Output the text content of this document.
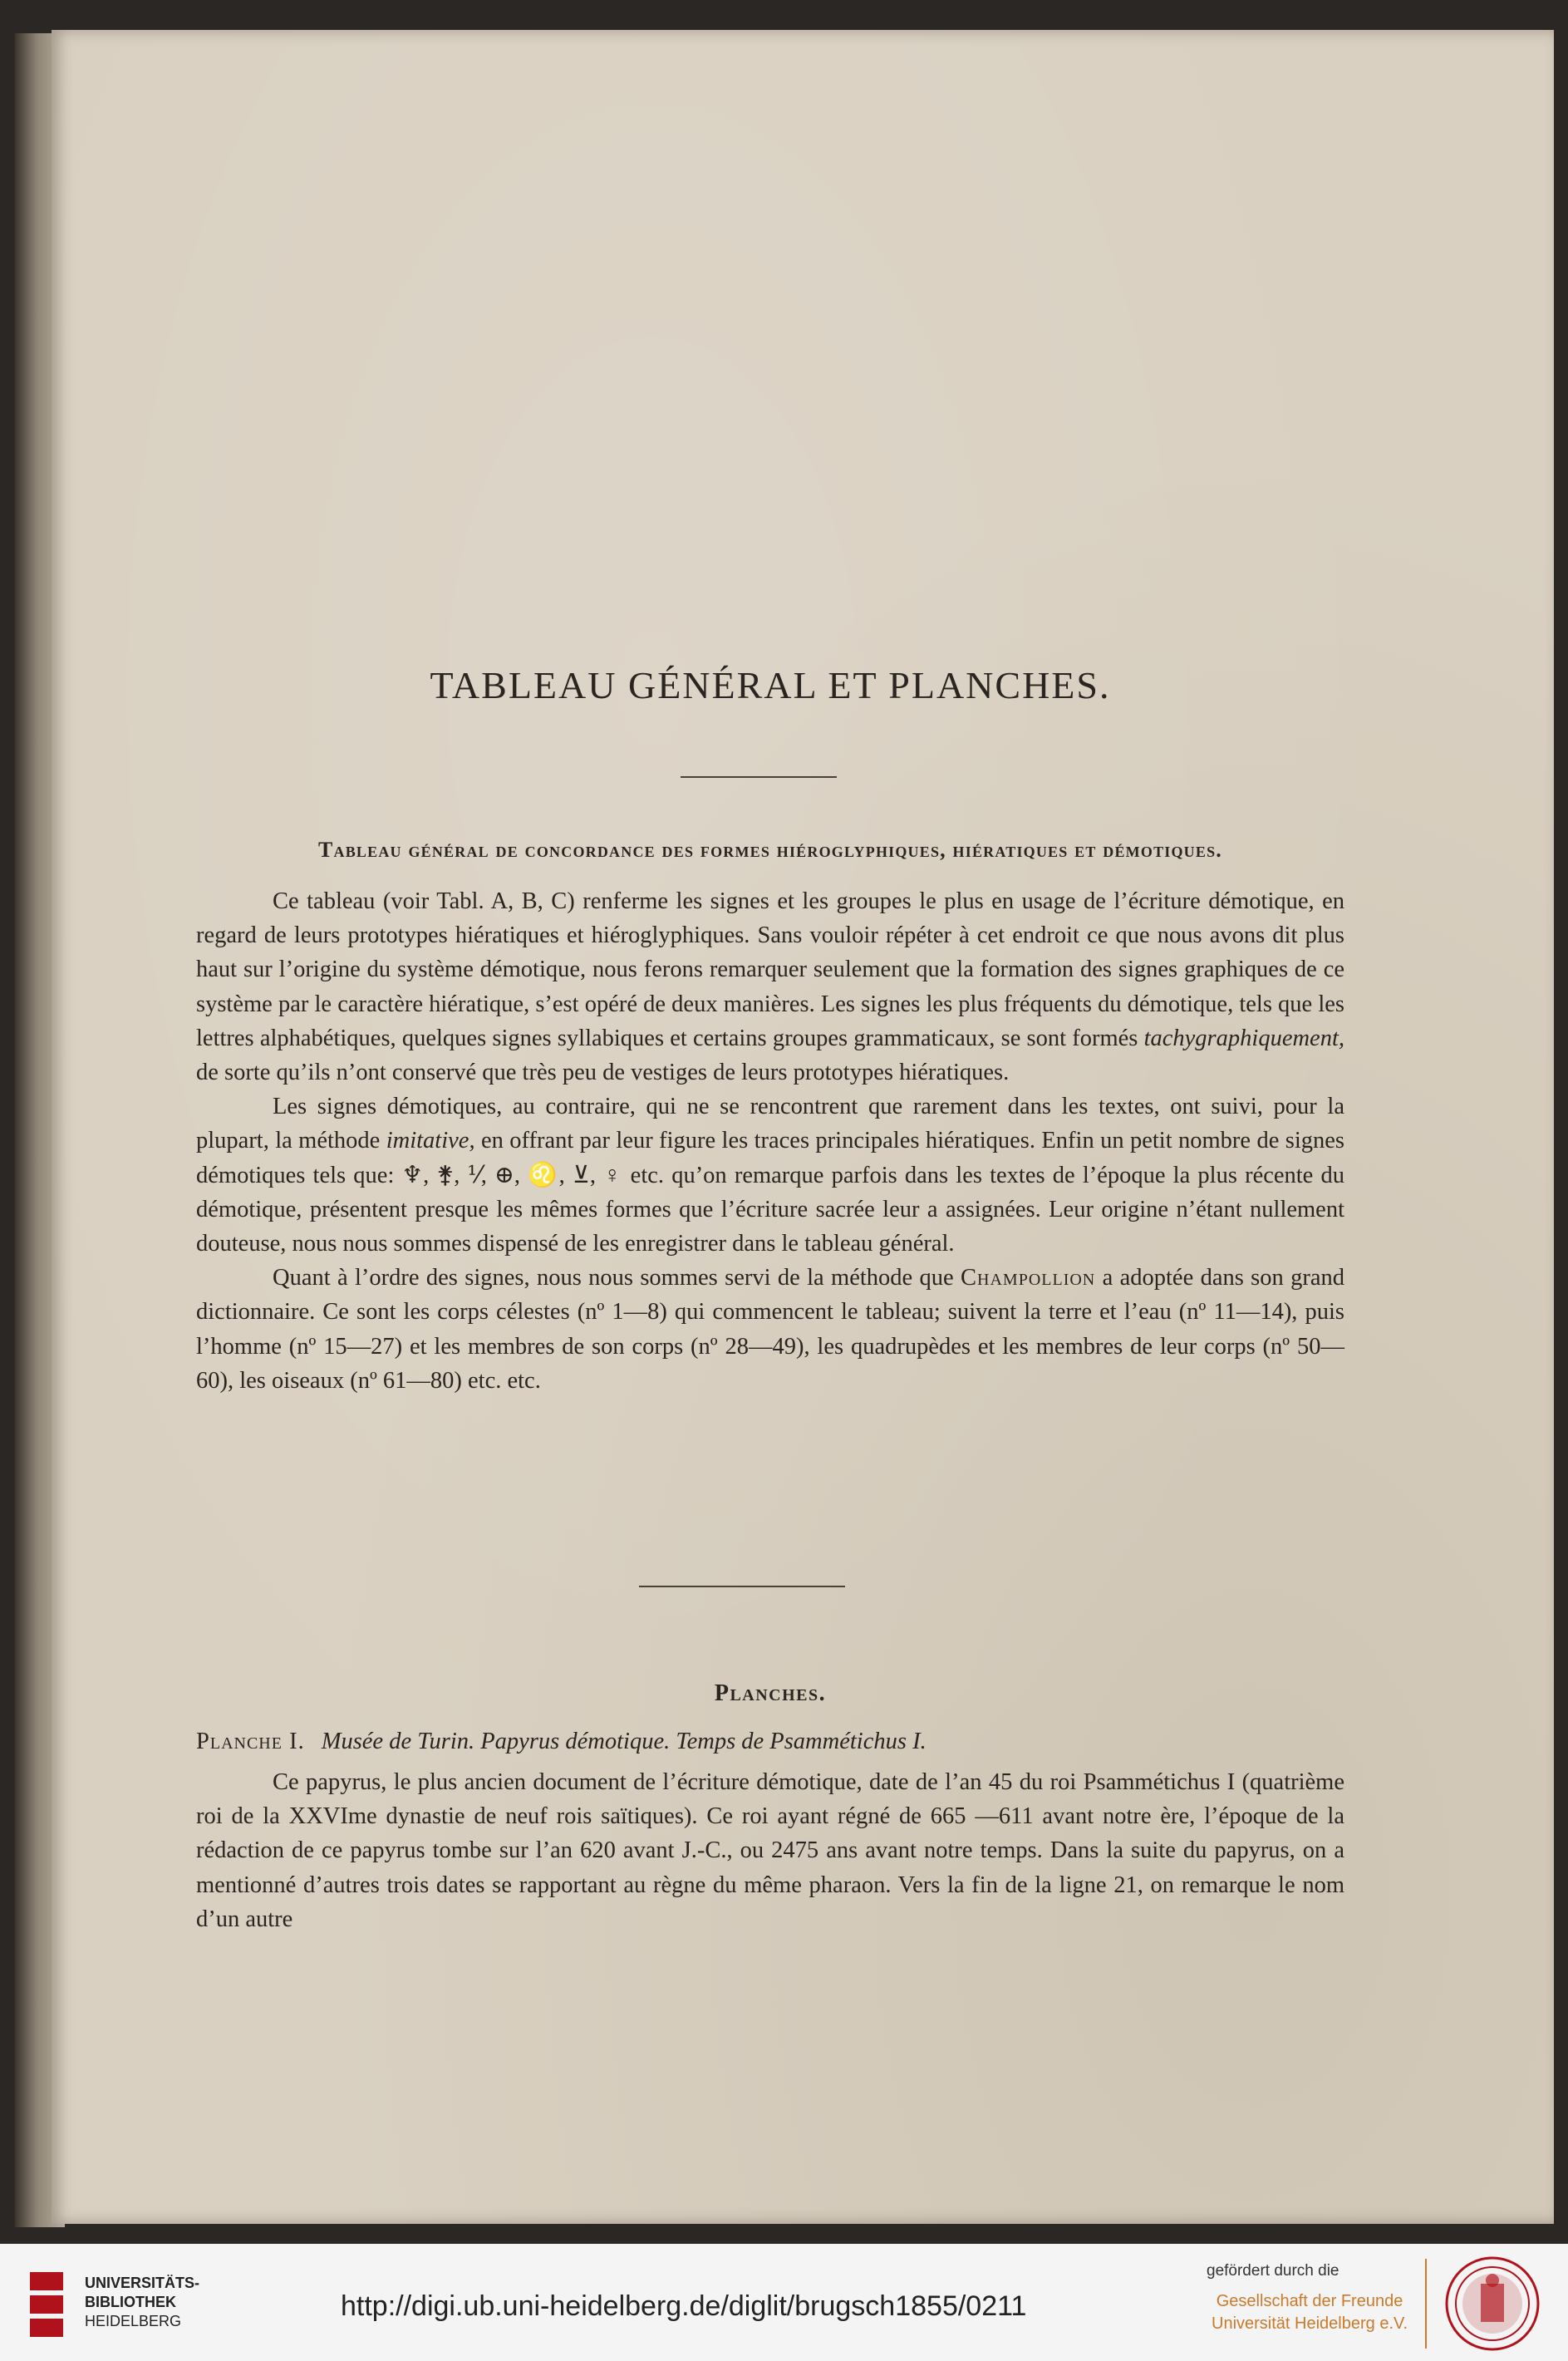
TABLEAU GÉNÉRAL ET PLANCHES.
Tableau général de concordance des formes hiéroglyphiques, hiératiques et démotiques.

Ce tableau (voir Tabl. A, B, C) renferme les signes et les groupes le plus en usage de l’écriture démotique, en regard de leurs prototypes hiératiques et hiéroglyphiques. Sans vouloir répéter à cet endroit ce que nous avons dit plus haut sur l’origine du système démotique, nous ferons remarquer seulement que la formation des signes graphiques de ce système par le caractère hiératique, s’est opéré de deux manières. Les signes les plus fréquents du démotique, tels que les lettres alphabétiques, quelques signes syllabiques et certains groupes grammaticaux, se sont formés tachygraphiquement, de sorte qu’ils n’ont conservé que très peu de vestiges de leurs prototypes hiératiques.

Les signes démotiques, au contraire, qui ne se rencontrent que rarement dans les textes, ont suivi, pour la plupart, la méthode imitative, en offrant par leur figure les traces principales hiératiques. Enfin un petit nombre de signes démotiques tels que: ♆, ⚵, ⅟, ⊕, ♌, ⊻, ♀ etc. qu’on remarque parfois dans les textes de l’époque la plus récente du démotique, présentent presque les mêmes formes que l’écriture sacrée leur a assignées. Leur origine n’étant nullement douteuse, nous nous sommes dispensé de les enregistrer dans le tableau général.

Quant à l’ordre des signes, nous nous sommes servi de la méthode que Champollion a adoptée dans son grand dictionnaire. Ce sont les corps célestes (nº 1—8) qui commencent le tableau; suivent la terre et l’eau (nº 11—14), puis l’homme (nº 15—27) et les membres de son corps (nº 28—49), les quadrupèdes et les membres de leur corps (nº 50—60), les oiseaux (nº 61—80) etc. etc.

Planches.

Planche I. Musée de Turin. Papyrus démotique. Temps de Psammétichus I.

Ce papyrus, le plus ancien document de l’écriture démotique, date de l’an 45 du roi Psammétichus I (quatrième roi de la XXVIme dynastie de neuf rois saïtiques). Ce roi ayant régné de 665 —611 avant notre ère, l’époque de la rédaction de ce papyrus tombe sur l’an 620 avant J.-C., ou 2475 ans avant notre temps. Dans la suite du papyrus, on a mentionné d’autres trois dates se rapportant au règne du même pharaon. Vers la fin de la ligne 21, on remarque le nom d’un autre

UNIVERSITÄTS-
BIBLIOTHEK
HEIDELBERG	http://digi.ub.uni-heidelberg.de/diglit/brugsch1855/0211
gefördert durch die
Gesellschaft der Freunde
Universität Heidelberg e.V.
